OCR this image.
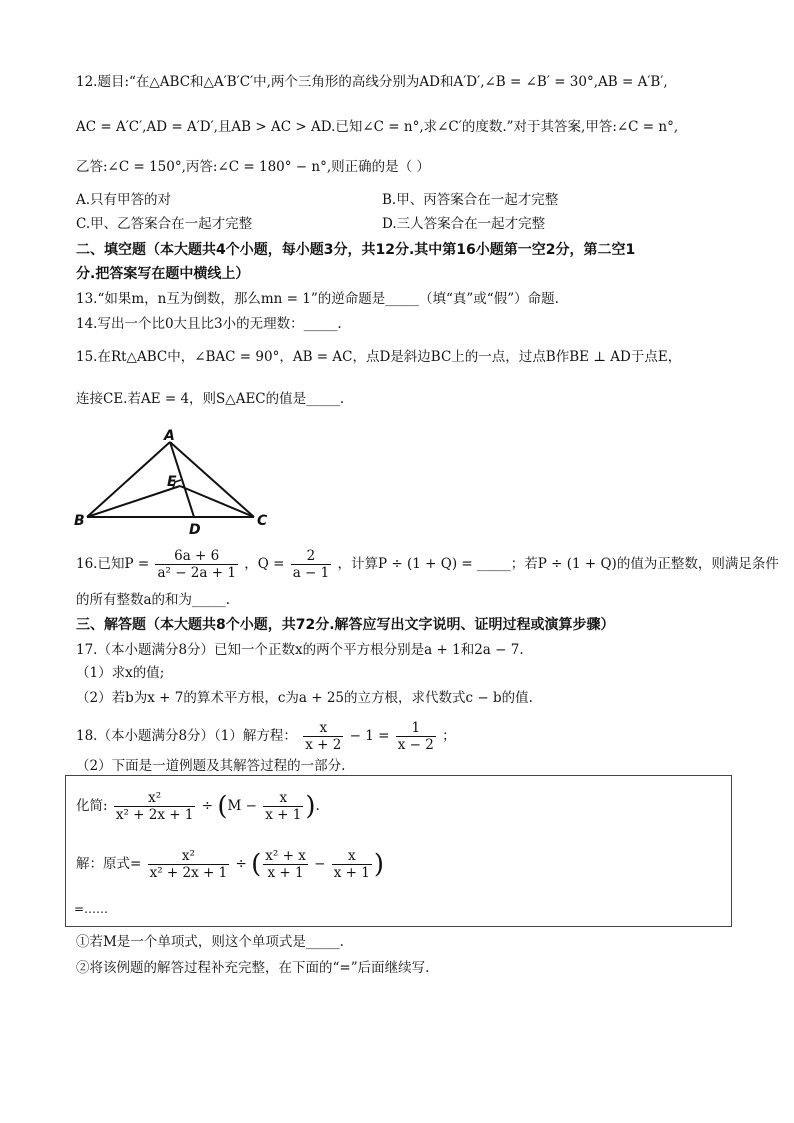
12.题目:“在△ABC和△A′B′C′中,两个三角形的高线分别为AD和A′D′,∠B = ∠B′ = 30°,AB = A′B′,
AC = A′C′,AD = A′D′,且AB > AC > AD.已知∠C = n°,求∠C′的度数.”对于其答案,甲答:∠C = n°,
乙答:∠C = 150°,丙答:∠C = 180° − n°,则正确的是（ ）
A.只有甲答的对	B.甲、丙答案合在一起才完整
C.甲、乙答案合在一起才完整	D.三人答案合在一起才完整
二、填空题（本大题共4个小题，每小题3分，共12分.其中第16小题第一空2分，第二空1
分.把答案写在题中横线上）
13.“如果m，n互为倒数，那么mn = 1”的逆命题是_____（填“真”或“假”）命题.
14.写出一个比0大且比3小的无理数：_____.
15.在Rt△ABC中，∠BAC = 90°，AB = AC，点D是斜边BC上的一点，过点B作BE ⊥ AD于点E，
连接CE.若AE = 4，则S△AEC的值是_____.
A
B	C
D
E
16.已知$P = \frac{6a + 6}{\text{a² − 2a + 1}}$ ，$Q = \frac{2}{a - 1}$ ，计算P ÷ (1 + Q) = _____；若P ÷ (1 + Q)的值为正整数，则满足条件
的所有整数a的和为_____.
三、解答题（本大题共8个小题，共72分.解答应写出文字说明、证明过程或演算步骤）
17.（本小题满分8分）已知一个正数x的两个平方根分别是a + 1和2a − 7.
（1）求x的值;
（2）若b为x + 7的算术平方根，c为a + 25的立方根，求代数式c − b的值.
18.（本小题满分8分）（1）解方程： $\frac{x}{x + 2} - 1 = \frac{1}{x - 2}$ ；
（2）下面是一道例题及其解答过程的一部分.
化简: $\frac{\text{x²}}{\text{x² + 2x + 1}} \div (M - \frac{x}{x + 1}$ ).
解：原式= $\frac{\text{x²}}{\text{x² + 2x + 1}}$ ÷ ( $\frac{\text{x² + x}}{x + 1} - \frac{x}{x + 1}$ )
=……
①若M是一个单项式，则这个单项式是_____.
②将该例题的解答过程补充完整，在下面的“=”后面继续写.
